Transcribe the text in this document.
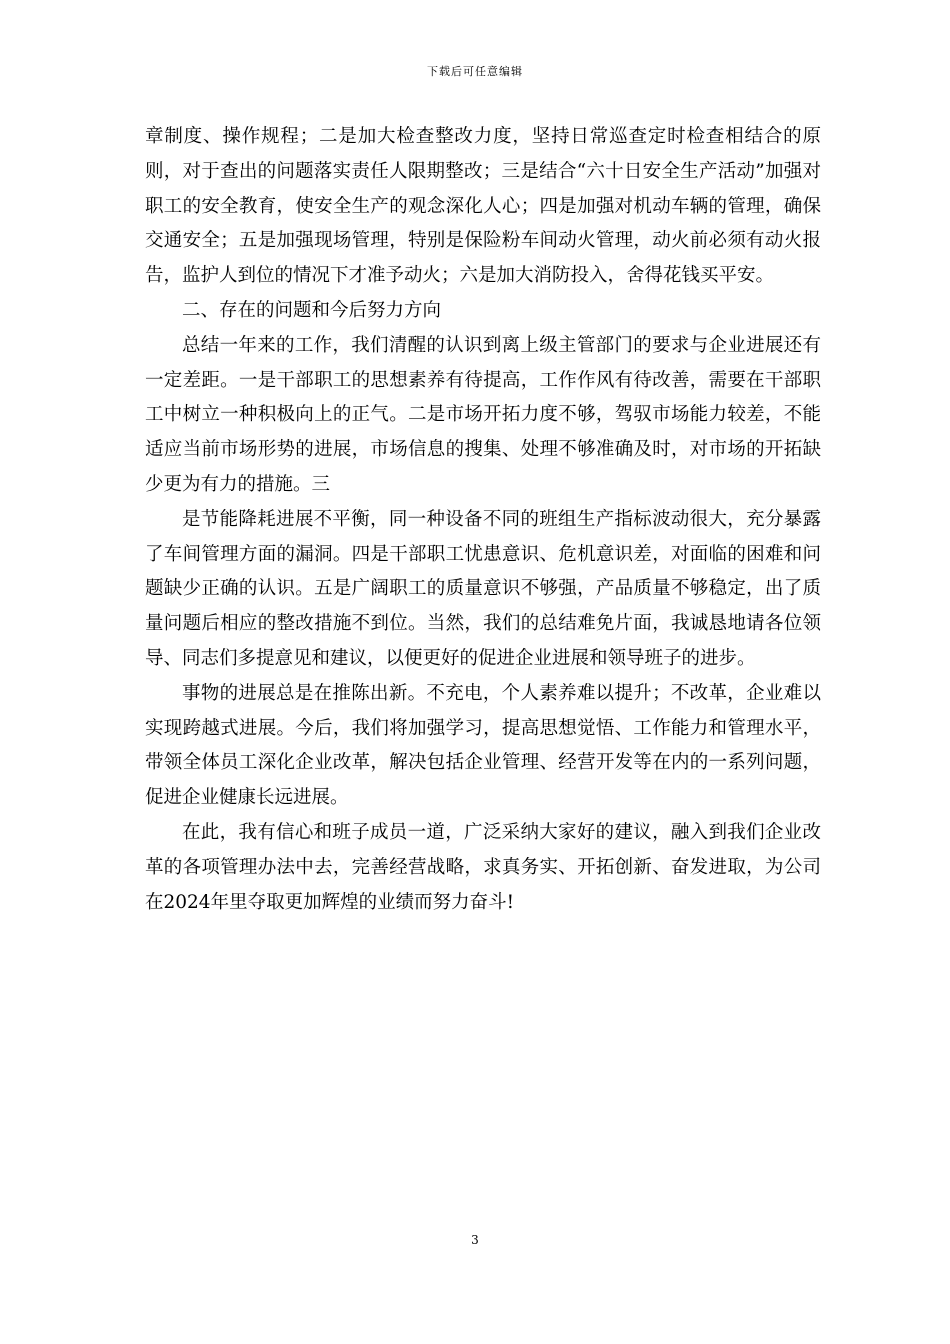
下载后可任意编辑

章制度、操作规程；二是加大检查整改力度，坚持日常巡查定时检查相结合的原则，对于查出的问题落实责任人限期整改；三是结合“六十日安全生产活动”加强对职工的安全教育，使安全生产的观念深化人心；四是加强对机动车辆的管理，确保交通安全；五是加强现场管理，特别是保险粉车间动火管理，动火前必须有动火报告，监护人到位的情况下才准予动火；六是加大消防投入，舍得花钱买平安。

二、存在的问题和今后努力方向

总结一年来的工作，我们清醒的认识到离上级主管部门的要求与企业进展还有一定差距。一是干部职工的思想素养有待提高，工作作风有待改善，需要在干部职工中树立一种积极向上的正气。二是市场开拓力度不够，驾驭市场能力较差，不能适应当前市场形势的进展，市场信息的搜集、处理不够准确及时，对市场的开拓缺少更为有力的措施。三

是节能降耗进展不平衡，同一种设备不同的班组生产指标波动很大，充分暴露了车间管理方面的漏洞。四是干部职工忧患意识、危机意识差，对面临的困难和问题缺少正确的认识。五是广阔职工的质量意识不够强，产品质量不够稳定，出了质量问题后相应的整改措施不到位。当然，我们的总结难免片面，我诚恳地请各位领导、同志们多提意见和建议，以便更好的促进企业进展和领导班子的进步。

事物的进展总是在推陈出新。不充电，个人素养难以提升；不改革，企业难以实现跨越式进展。今后，我们将加强学习，提高思想觉悟、工作能力和管理水平，带领全体员工深化企业改革，解决包括企业管理、经营开发等在内的一系列问题，促进企业健康长远进展。

在此，我有信心和班子成员一道，广泛采纳大家好的建议，融入到我们企业改革的各项管理办法中去，完善经营战略，求真务实、开拓创新、奋发进取，为公司在2024年里夺取更加辉煌的业绩而努力奋斗!

3
